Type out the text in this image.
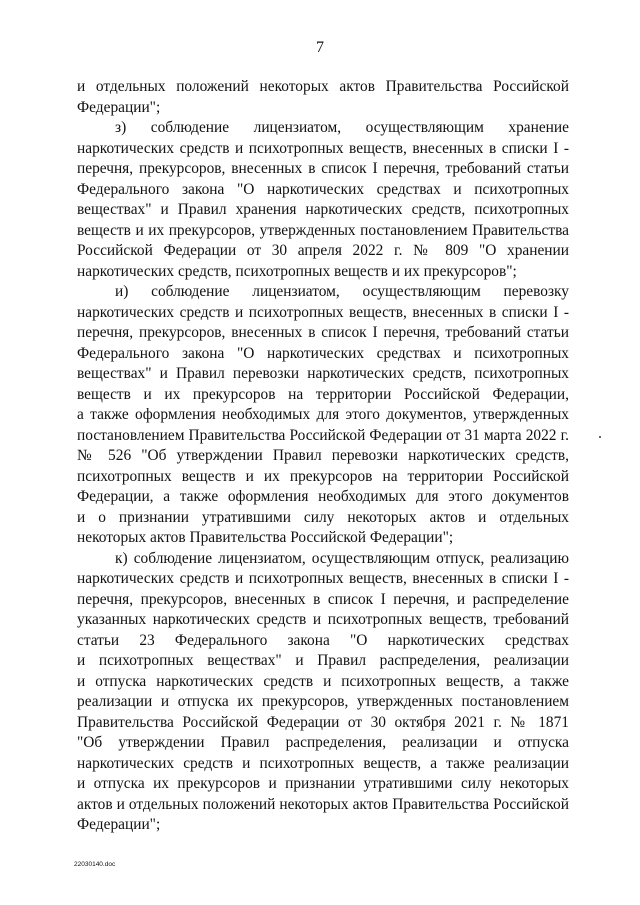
7
и отдельных положений некоторых актов Правительства Российской
Федерации";
з) соблюдение лицензиатом, осуществляющим хранение
наркотических средств и психотропных веществ, внесенных в списки I -
перечня, прекурсоров, внесенных в список I перечня, требований статьи
Федерального закона "О наркотических средствах и психотропных
веществах" и Правил хранения наркотических средств, психотропных
веществ и их прекурсоров, утвержденных постановлением Правительства
Российской Федерации от 30 апреля 2022 г. № 809 "О хранении
наркотических средств, психотропных веществ и их прекурсоров";
и) соблюдение лицензиатом, осуществляющим перевозку
наркотических средств и психотропных веществ, внесенных в списки I -
перечня, прекурсоров, внесенных в список I перечня, требований статьи
Федерального закона "О наркотических средствах и психотропных
веществах" и Правил перевозки наркотических средств, психотропных
веществ и их прекурсоров на территории Российской Федерации,
а также оформления необходимых для этого документов, утвержденных
постановлением Правительства Российской Федерации от 31 марта 2022 г.
№ 526 "Об утверждении Правил перевозки наркотических средств,
психотропных веществ и их прекурсоров на территории Российской
Федерации, а также оформления необходимых для этого документов
и о признании утратившими силу некоторых актов и отдельных
некоторых актов Правительства Российской Федерации";
к) соблюдение лицензиатом, осуществляющим отпуск, реализацию
наркотических средств и психотропных веществ, внесенных в списки I -
перечня, прекурсоров, внесенных в список I перечня, и распределение
указанных наркотических средств и психотропных веществ, требований
статьи 23 Федерального закона "О наркотических средствах
и психотропных веществах" и Правил распределения, реализации
и отпуска наркотических средств и психотропных веществ, а также
реализации и отпуска их прекурсоров, утвержденных постановлением
Правительства Российской Федерации от 30 октября 2021 г. № 1871
"Об утверждении Правил распределения, реализации и отпуска
наркотических средств и психотропных веществ, а также реализации
и отпуска их прекурсоров и признании утратившими силу некоторых
актов и отдельных положений некоторых актов Правительства Российской
Федерации";
22030140.doc
